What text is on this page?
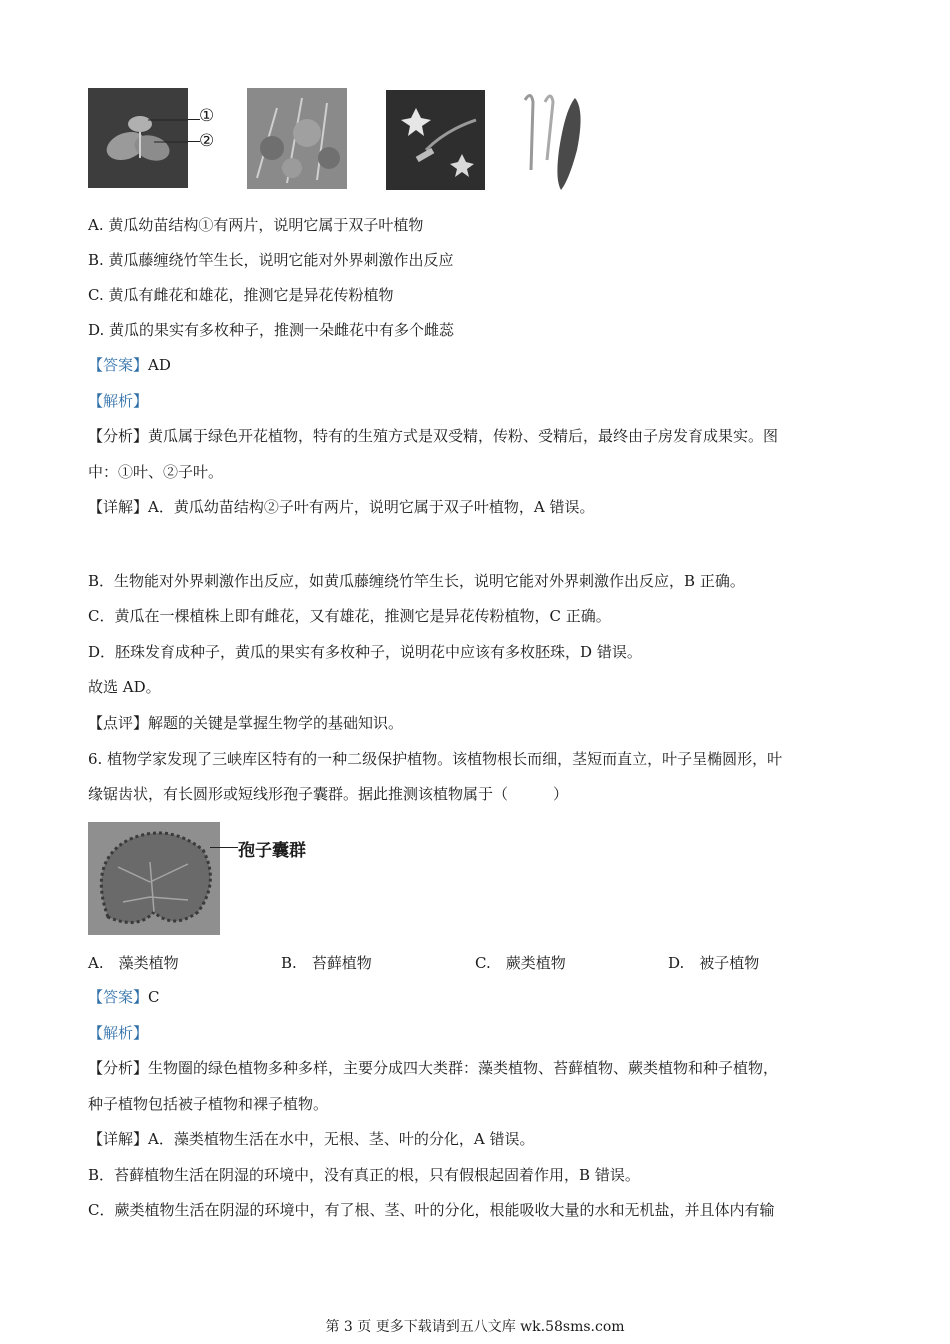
①
②
A. 黄瓜幼苗结构①有两片，说明它属于双子叶植物
B. 黄瓜藤缠绕竹竿生长，说明它能对外界刺激作出反应
C. 黄瓜有雌花和雄花，推测它是异花传粉植物
D. 黄瓜的果实有多枚种子，推测一朵雌花中有多个雌蕊
【答案】AD
【解析】
【分析】黄瓜属于绿色开花植物，特有的生殖方式是双受精，传粉、受精后，最终由子房发育成果实。图
中：①叶、②子叶。
【详解】A．黄瓜幼苗结构②子叶有两片，说明它属于双子叶植物，A 错误。
B．生物能对外界刺激作出反应，如黄瓜藤缠绕竹竿生长，说明它能对外界刺激作出反应，B 正确。
C．黄瓜在一棵植株上即有雌花，又有雄花，推测它是异花传粉植物，C 正确。
D．胚珠发育成种子，黄瓜的果实有多枚种子，说明花中应该有多枚胚珠，D 错误。
故选 AD。
【点评】解题的关键是掌握生物学的基础知识。
6. 植物学家发现了三峡库区特有的一种二级保护植物。该植物根长而细，茎短而直立，叶子呈椭圆形，叶
缘锯齿状，有长圆形或短线形孢子囊群。据此推测该植物属于（　　　）
孢子囊群
A.　藻类植物	B.　苔藓植物	C.　蕨类植物	D.　被子植物
【答案】C
【解析】
【分析】生物圈的绿色植物多种多样，主要分成四大类群：藻类植物、苔藓植物、蕨类植物和种子植物，
种子植物包括被子植物和裸子植物。
【详解】A．藻类植物生活在水中，无根、茎、叶的分化，A 错误。
B．苔藓植物生活在阴湿的环境中，没有真正的根，只有假根起固着作用，B 错误。
C．蕨类植物生活在阴湿的环境中，有了根、茎、叶的分化，根能吸收大量的水和无机盐，并且体内有输
第 3 页 更多下载请到五八文库 wk.58sms.com
